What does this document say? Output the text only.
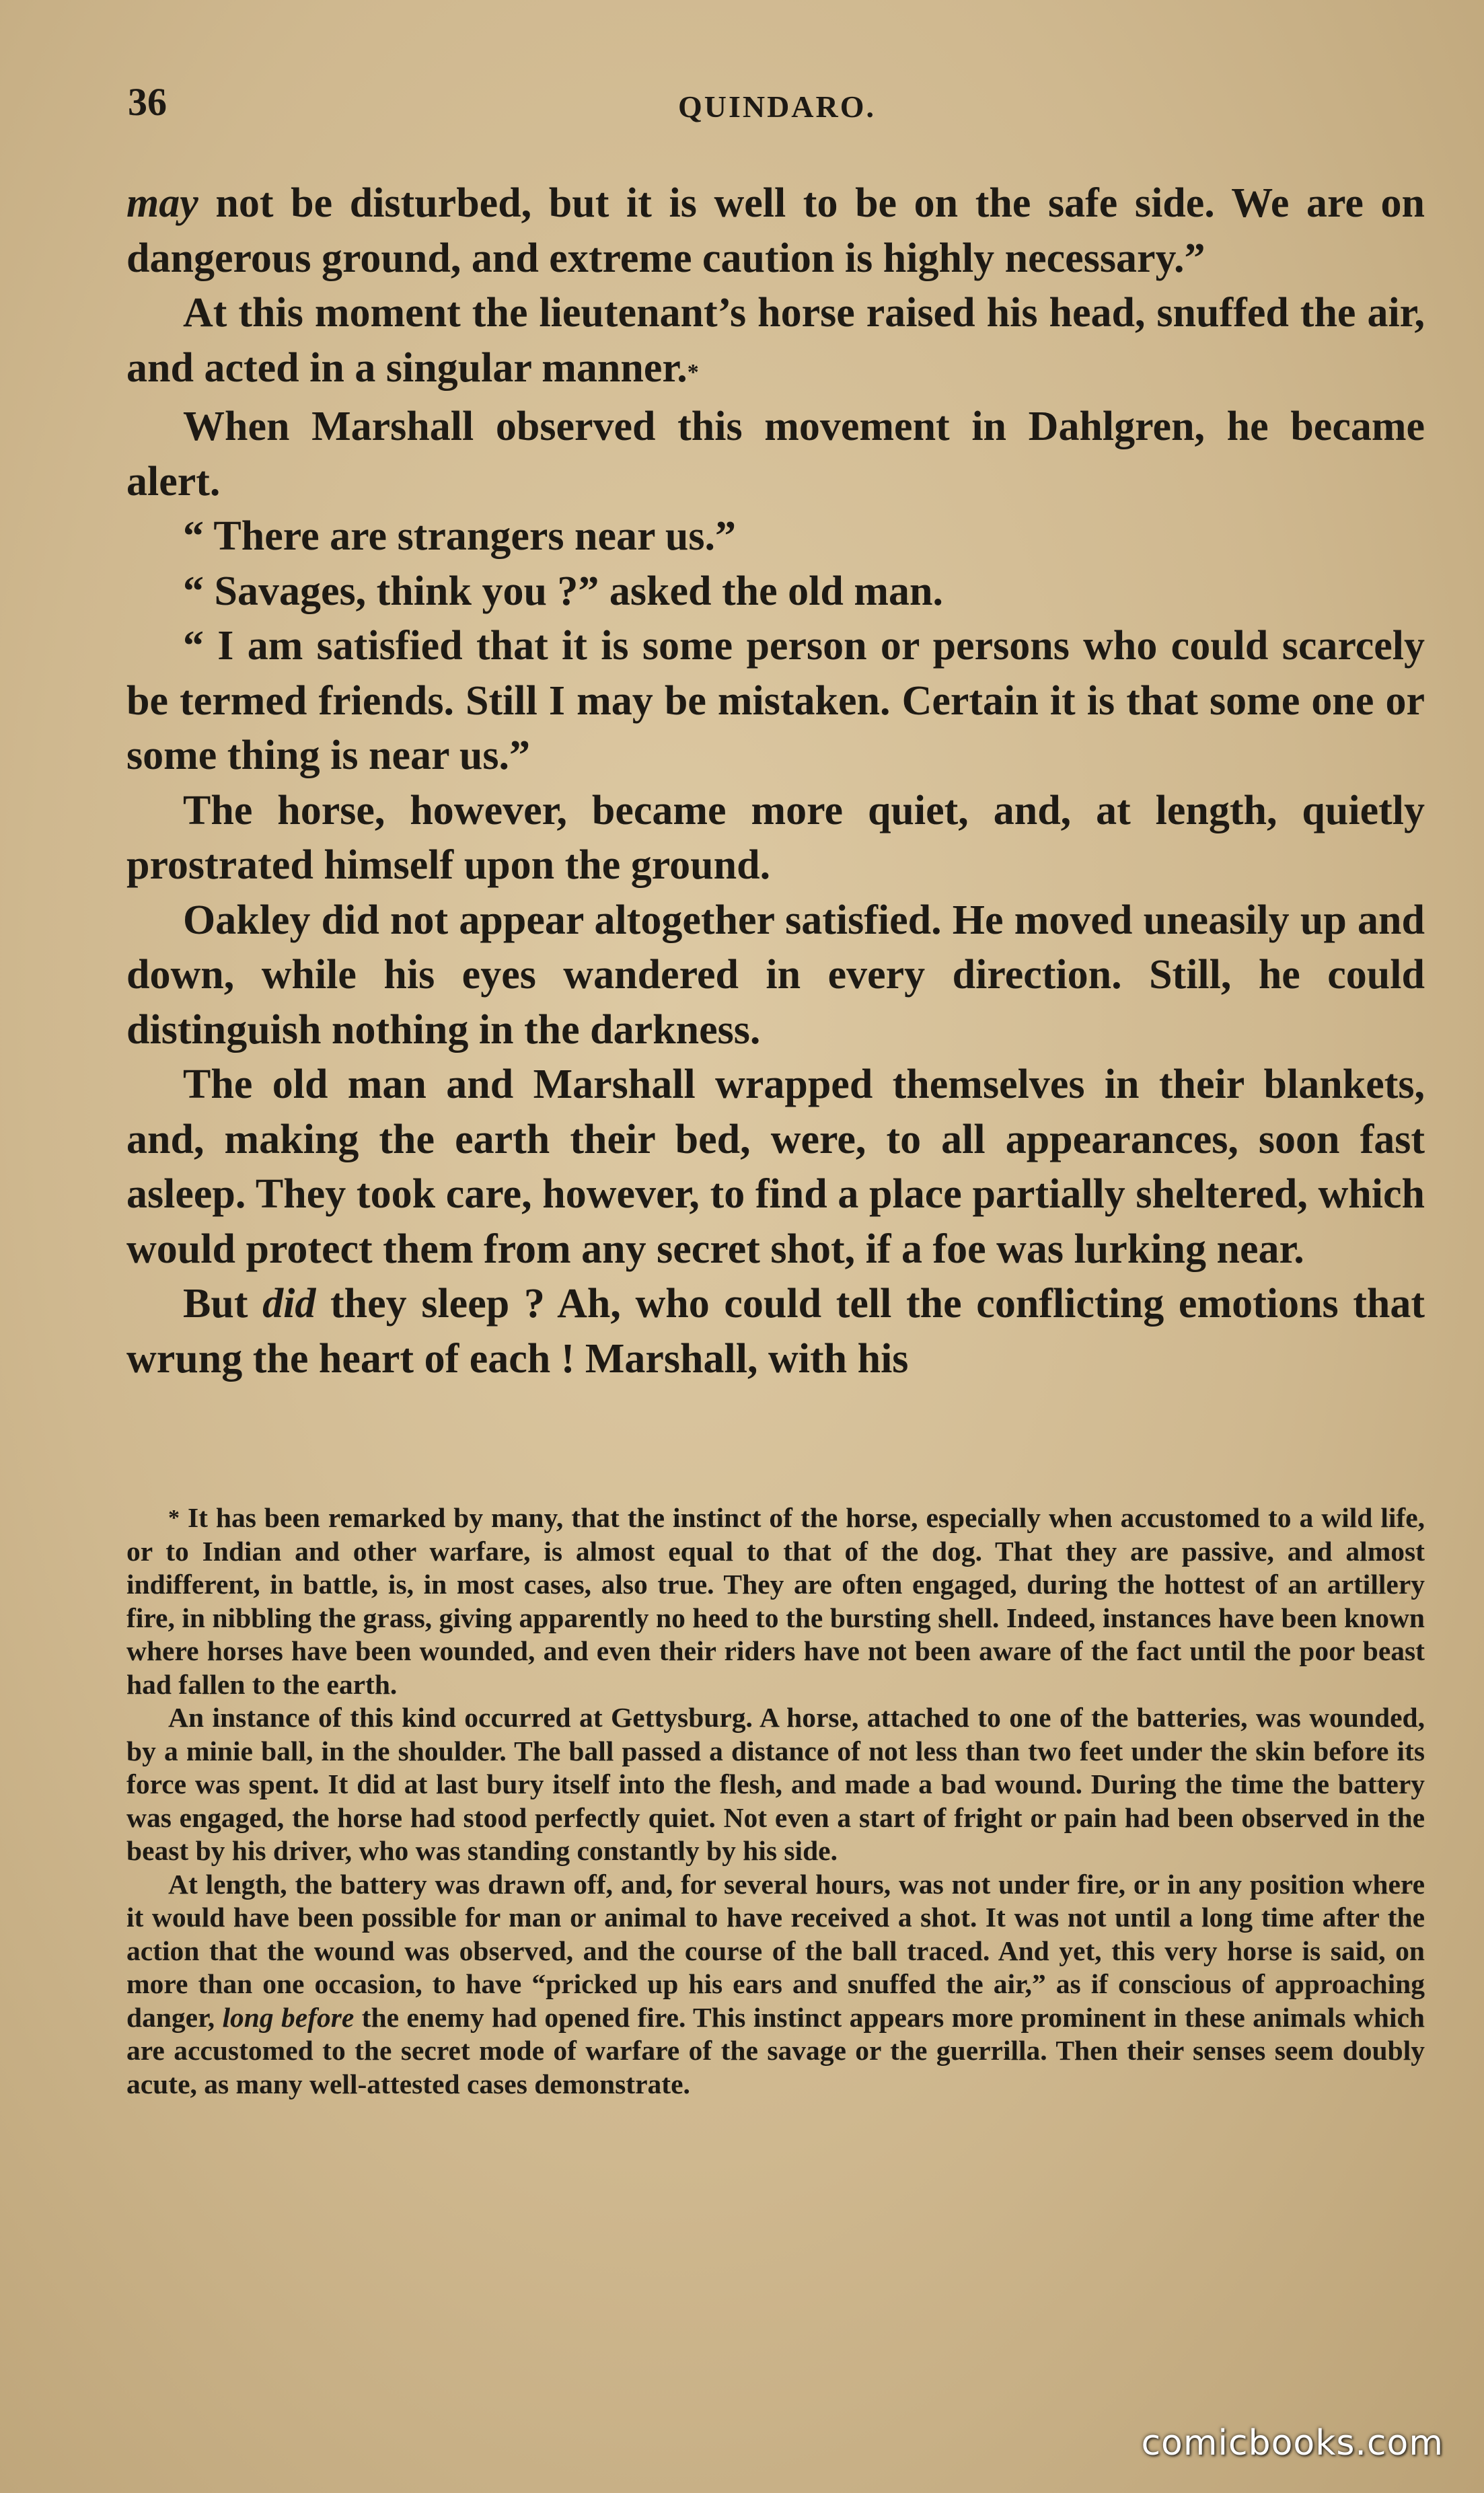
36	QUINDARO.

may not be disturbed, but it is well to be on the safe side. We are on dangerous ground, and extreme caution is highly necessary.”

At this moment the lieutenant’s horse raised his head, snuffed the air, and acted in a singular manner.*

When Marshall observed this movement in Dahlgren, he became alert.

“ There are strangers near us.”

“ Savages, think you ?” asked the old man.

“ I am satisfied that it is some person or persons who could scarcely be termed friends. Still I may be mistaken. Certain it is that some one or some thing is near us.”

The horse, however, became more quiet, and, at length, quietly prostrated himself upon the ground.

Oakley did not appear altogether satisfied. He moved uneasily up and down, while his eyes wandered in every direction. Still, he could distinguish nothing in the darkness.

The old man and Marshall wrapped themselves in their blankets, and, making the earth their bed, were, to all appearances, soon fast asleep. They took care, however, to find a place partially sheltered, which would protect them from any secret shot, if a foe was lurking near.

But did they sleep ? Ah, who could tell the conflicting emotions that wrung the heart of each ! Marshall, with his

* It has been remarked by many, that the instinct of the horse, especially when accustomed to a wild life, or to Indian and other warfare, is almost equal to that of the dog. That they are passive, and almost indifferent, in battle, is, in most cases, also true. They are often engaged, during the hottest of an artillery fire, in nibbling the grass, giving apparently no heed to the bursting shell. Indeed, instances have been known where horses have been wounded, and even their riders have not been aware of the fact until the poor beast had fallen to the earth.

An instance of this kind occurred at Gettysburg. A horse, attached to one of the batteries, was wounded, by a minie ball, in the shoulder. The ball passed a distance of not less than two feet under the skin before its force was spent. It did at last bury itself into the flesh, and made a bad wound. During the time the battery was engaged, the horse had stood perfectly quiet. Not even a start of fright or pain had been observed in the beast by his driver, who was standing constantly by his side.

At length, the battery was drawn off, and, for several hours, was not under fire, or in any position where it would have been possible for man or animal to have received a shot. It was not until a long time after the action that the wound was observed, and the course of the ball traced. And yet, this very horse is said, on more than one occasion, to have “pricked up his ears and snuffed the air,” as if conscious of approaching danger, long before the enemy had opened fire. This instinct appears more prominent in these animals which are accustomed to the secret mode of warfare of the savage or the guerrilla. Then their senses seem doubly acute, as many well-attested cases demonstrate.

comicbooks.com
